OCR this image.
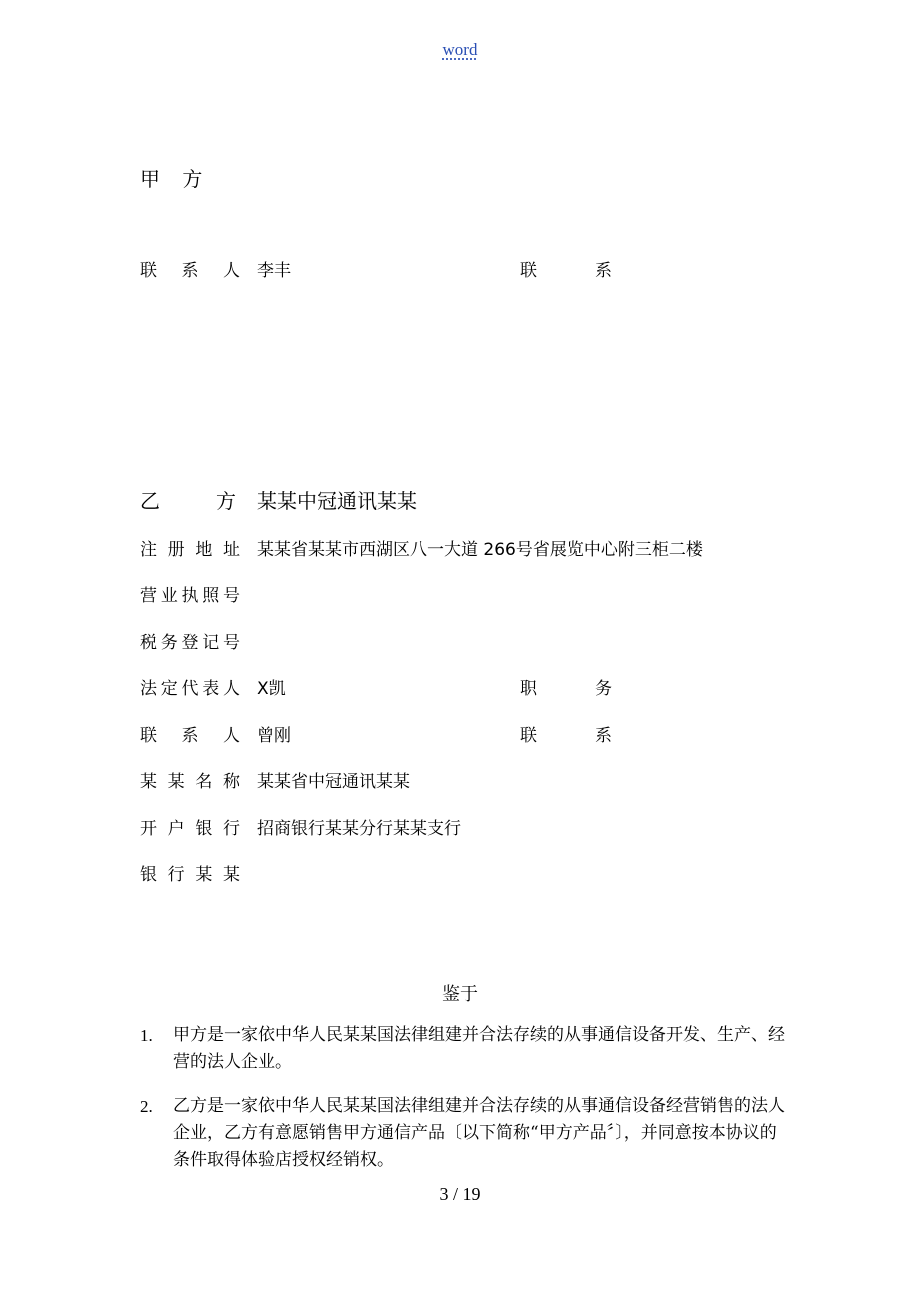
word
甲 方
联 系 人 李丰	联	系
乙	方 某某中冠通讯某某
注 册 地 址 某某省某某市西湖区八一大道 266号省展览中心附三柜二楼
营 业 执 照 号
税 务 登 记 号
法 定 代 表 人 X凯	职	务
联 系 人 曾刚	联	系
某 某 名 称 某某省中冠通讯某某
开 户 银 行 招商银行某某分行某某支行
银 行 某 某
鉴于
1. 甲方是一家依中华人民某某国法律组建并合法存续的从事通信设备开发、生产、经营的法人企业。
2. 乙方是一家依中华人民某某国法律组建并合法存续的从事通信设备经营销售的法人企业，乙方有意愿销售甲方通信产品〔以下简称“甲方产品〞〕，并同意按本协议的条件取得体验店授权经销权。
3 / 19
